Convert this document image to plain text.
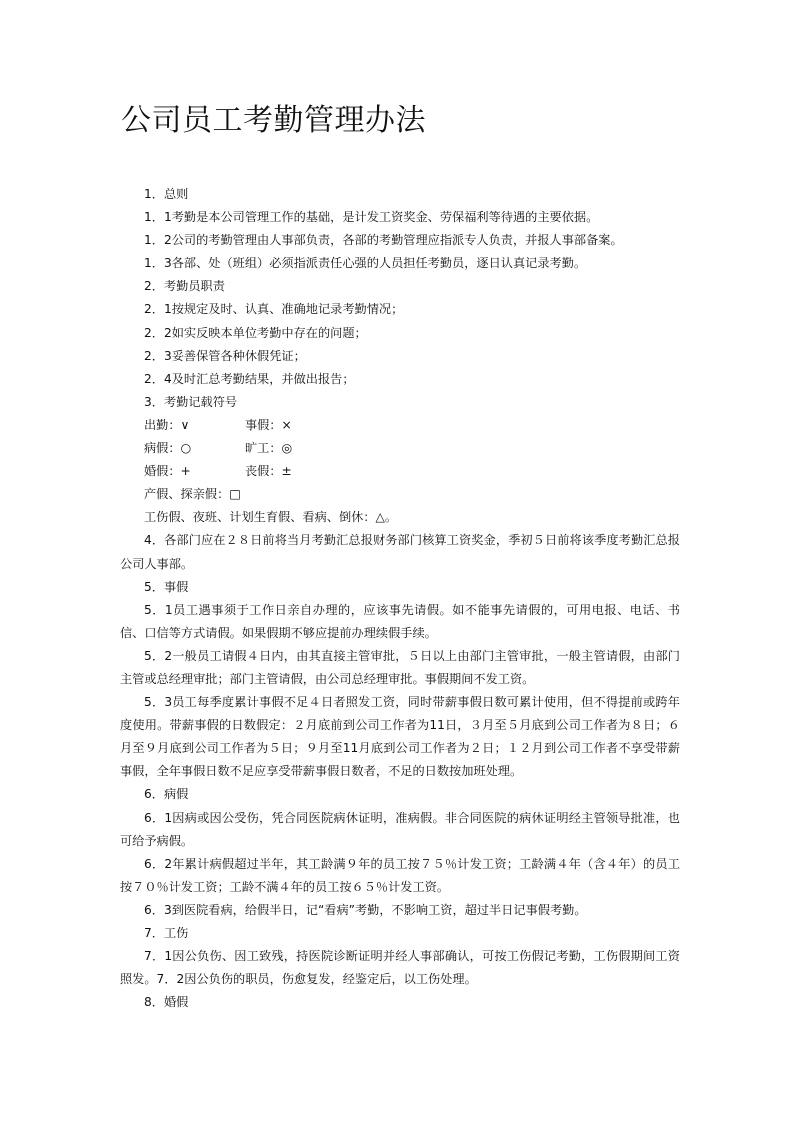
公司员工考勤管理办法

1．总则

1．1考勤是本公司管理工作的基础，是计发工资奖金、劳保福利等待遇的主要依据。

1．2公司的考勤管理由人事部负责，各部的考勤管理应指派专人负责，并报人事部备案。

1．3各部、处（班组）必须指派责任心强的人员担任考勤员，逐日认真记录考勤。

2．考勤员职责

2．1按规定及时、认真、准确地记录考勤情况；

2．2如实反映本单位考勤中存在的问题；

2．3妥善保管各种休假凭证；

2．4及时汇总考勤结果，并做出报告；

3．考勤记载符号

出勤：∨	事假：×
病假：○	旷工：◎
婚假：+	丧假：±

产假、探亲假：□

工伤假、夜班、计划生育假、看病、倒休：△。

4．各部门应在２８日前将当月考勤汇总报财务部门核算工资奖金，季初５日前将该季度考勤汇总报公司人事部。

5．事假

5．1员工遇事须于工作日亲自办理的，应该事先请假。如不能事先请假的，可用电报、电话、书信、口信等方式请假。如果假期不够应提前办理续假手续。

5．2一般员工请假４日内，由其直接主管审批，５日以上由部门主管审批，一般主管请假，由部门主管或总经理审批；部门主管请假，由公司总经理审批。事假期间不发工资。

5．3员工每季度累计事假不足４日者照发工资，同时带薪事假日数可累计使用，但不得提前或跨年度使用。带薪事假的日数假定：２月底前到公司工作者为11日，３月至５月底到公司工作者为８日；６月至９月底到公司工作者为５日；９月至11月底到公司工作者为２日；１２月到公司工作者不享受带薪事假，全年事假日数不足应享受带薪事假日数者，不足的日数按加班处理。

6．病假

6．1因病或因公受伤，凭合同医院病休证明，准病假。非合同医院的病休证明经主管领导批准，也可给予病假。

6．2年累计病假超过半年，其工龄满９年的员工按７５％计发工资；工龄满４年（含４年）的员工按７０％计发工资；工龄不满４年的员工按６５％计发工资。

6．3到医院看病，给假半日，记“看病”考勤，不影响工资，超过半日记事假考勤。

7．工伤

7．1因公负伤、因工致残，持医院诊断证明并经人事部确认，可按工伤假记考勤，工伤假期间工资照发。7．2因公负伤的职员，伤愈复发，经鉴定后，以工伤处理。

8．婚假
